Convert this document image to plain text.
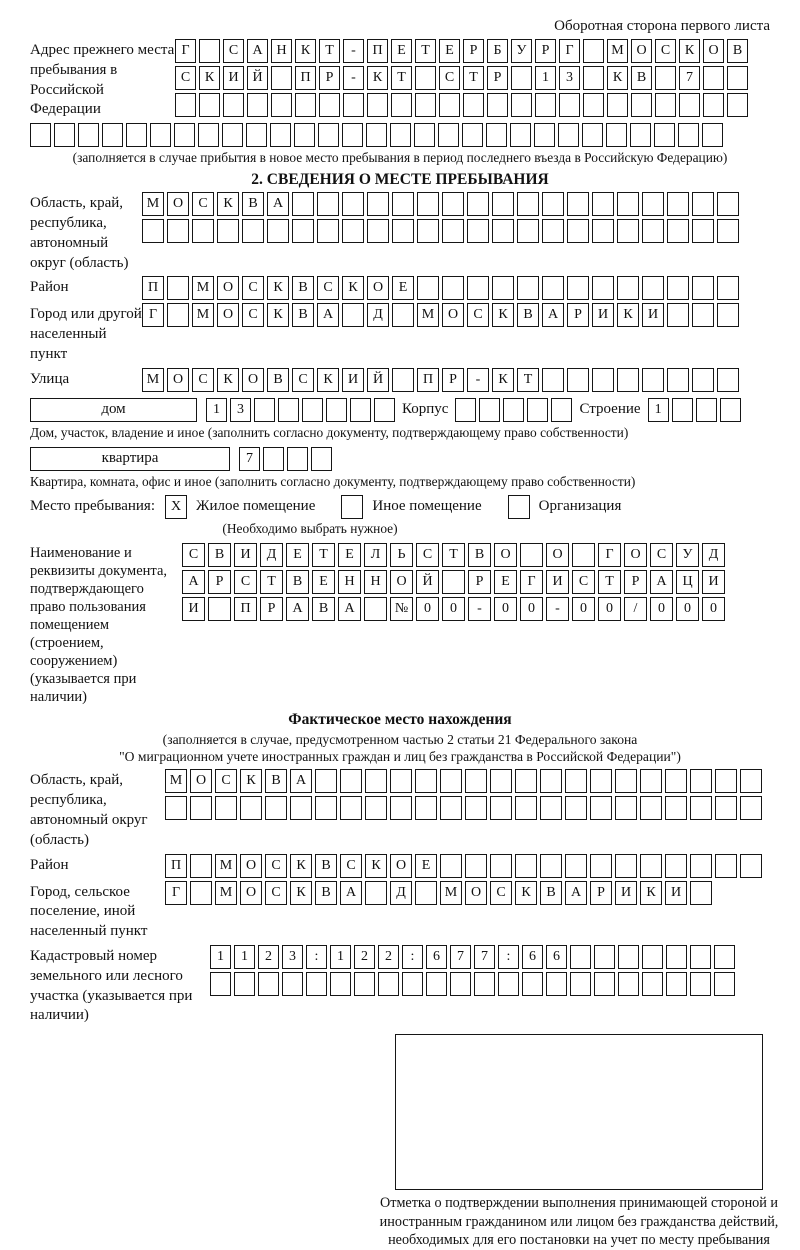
Оборотная сторона первого листа
Адрес прежнего места пребывания в Российской Федерации
Г	С	А Н	К	Т	-	П	Е	Т	Е	Р	Б	У	Р	Г	М О	С	К	О	В
С	К	И Й	П	Р	-	К	Т	С	Т	Р	1	3	К	В	7
(заполняется в случае прибытия в новое место пребывания в период последнего въезда в Российскую Федерацию)
2. СВЕДЕНИЯ О МЕСТЕ ПРЕБЫВАНИЯ
Область, край, республика, автономный округ (область)
М О	С	К	В	А
Район	П	М О	С	К	В	С	К	О	Е
Город или другой населенный пункт
Г	М О	С	К	В	А	Д	М О	С	К	В	А	Р	И	К	И
Улица	М О	С	К	О	В	С	К	И	Й	П	Р	-	К	Т
дом	1	3	Корпус	Строение	1
Дом, участок, владение и иное (заполнить согласно документу, подтверждающему право собственности)
квартира	7
Квартира, комната, офис и иное (заполнить согласно документу, подтверждающему право собственности)
Место пребывания:	X Жилое помещение	Иное помещение	Организация
(Необходимо выбрать нужное)
Наименование и реквизиты документа, подтверждающего право пользования помещением (строением, сооружением) (указывается при наличии)
С	В	И	Д	Е	Т	Е	Л	Ь	С	Т	В	О	О	Г	О	С	У	Д
А	Р	С	Т	В	Е	Н	Н	О	Й	Р	Е	Г	И	С	Т	Р	А	Ц	И
И	П	Р	А	В	А	№	0	0	-	0	0	-	0	0	/	0	0	0
Фактическое место нахождения
(заполняется в случае, предусмотренном частью 2 статьи 21 Федерального закона
"О миграционном учете иностранных граждан и лиц без гражданства в Российской Федерации")
Область, край, республика, автономный округ (область)
М О	С	К	В	А
Район	П	М О	С	К	В	С	К	О	Е
Город, сельское поселение, иной населенный пункт
Г	М О	С	К	В	А	Д	М О	С	К	В	А	Р	И	К	И
Кадастровый номер земельного или лесного участка (указывается при наличии)
1	1	2	3	:	1	2	2	:	6	7	7	:	6	6
Отметка о подтверждении выполнения принимающей стороной и иностранным гражданином или лицом без гражданства действий, необходимых для его постановки на учет по месту пребывания
